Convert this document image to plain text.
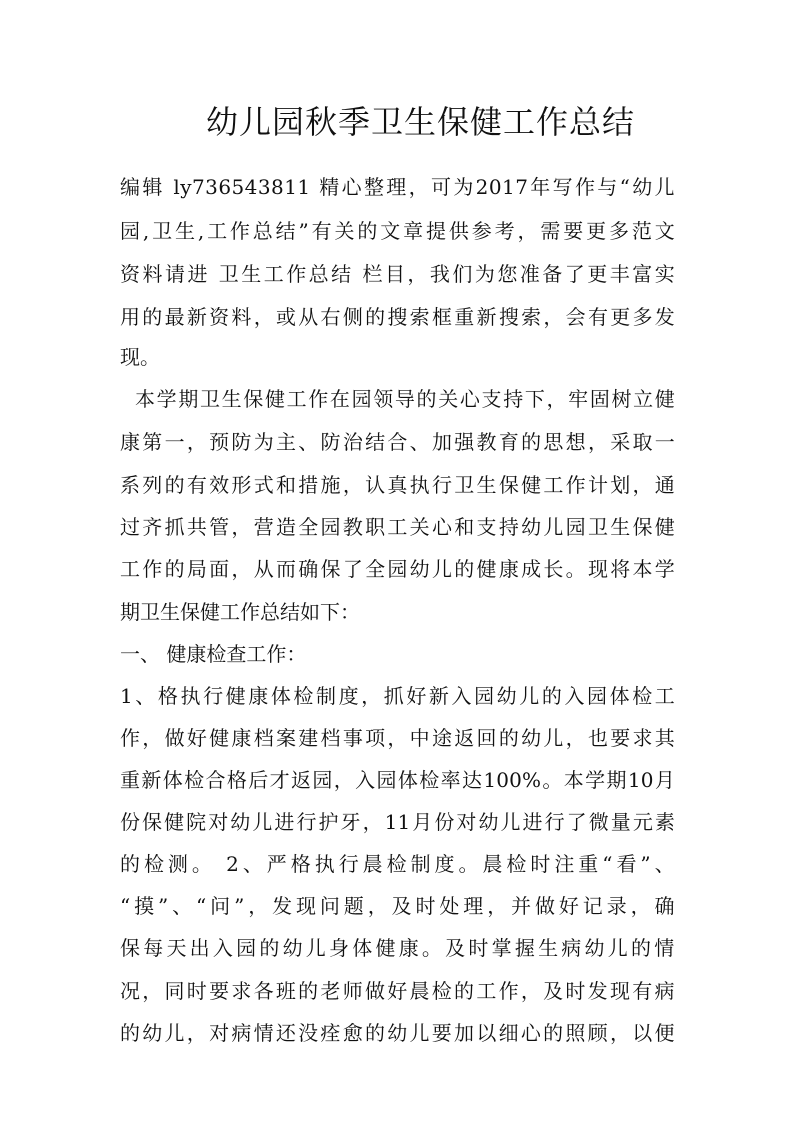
幼儿园秋季卫生保健工作总结
编辑 ly736543811 精心整理，可为2017年写作与“幼儿
园,卫生,工作总结”有关的文章提供参考，需要更多范文
资料请进 卫生工作总结 栏目，我们为您准备了更丰富实
用的最新资料，或从右侧的搜索框重新搜索，会有更多发
现。
本学期卫生保健工作在园领导的关心支持下，牢固树立健
康第一，预防为主、防治结合、加强教育的思想，采取一
系列的有效形式和措施，认真执行卫生保健工作计划，通
过齐抓共管，营造全园教职工关心和支持幼儿园卫生保健
工作的局面，从而确保了全园幼儿的健康成长。现将本学
期卫生保健工作总结如下：
一、 健康检查工作：
1、格执行健康体检制度，抓好新入园幼儿的入园体检工
作，做好健康档案建档事项，中途返回的幼儿，也要求其
重新体检合格后才返园，入园体检率达100%。本学期10月
份保健院对幼儿进行护牙，11月份对幼儿进行了微量元素
的检测。 2、严格执行晨检制度。晨检时注重“看”、
“摸”、“问”，发现问题，及时处理，并做好记录，确
保每天出入园的幼儿身体健康。及时掌握生病幼儿的情
况，同时要求各班的老师做好晨检的工作，及时发现有病
的幼儿，对病情还没痊愈的幼儿要加以细心的照顾，以便
